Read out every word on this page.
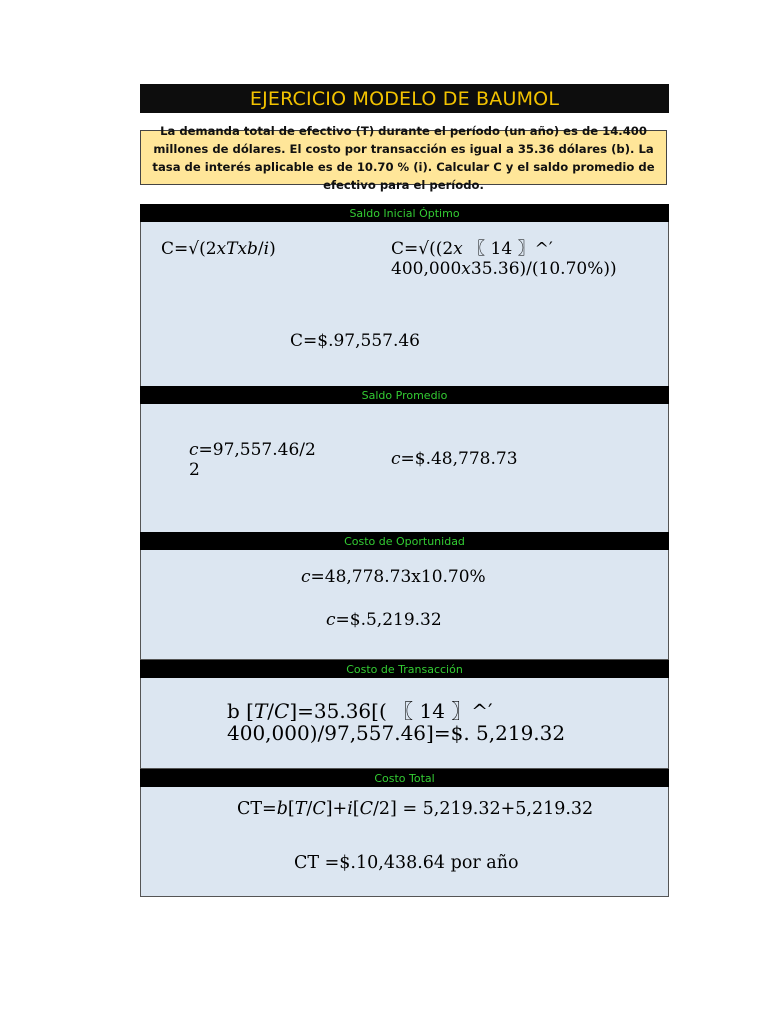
EJERCICIO MODELO DE BAUMOL
La demanda total de efectivo (T) durante el período (un año) es de 14.400 millones de dólares. El costo por transacción es igual a 35.36 dólares (b). La tasa de interés aplicable es de 10.70 % (i). Calcular C y el saldo promedio de efectivo para el período.
Saldo Inicial Óptimo
C=√(2𝑥𝑇𝑥𝑏/𝑖)	C=√((2𝑥 〖 14 〗^′
400,000𝑥35.36)/(10.70%))
C=$.97,557.46
Saldo Promedio
𝑐=97,557.46/2
2
𝑐=$.48,778.73
Costo de Oportunidad
𝑐=48,778.73x10.70%
𝑐=$.5,219.32
Costo de Transacción
b [𝑇/𝐶]=35.36[( 〖 14 〗^′
400,000)/97,557.46]=$. 5,219.32
Costo Total
CT=𝑏[𝑇/𝐶]+𝑖[𝐶/2] = 5,219.32+5,219.32
CT =$.10,438.64 por año
